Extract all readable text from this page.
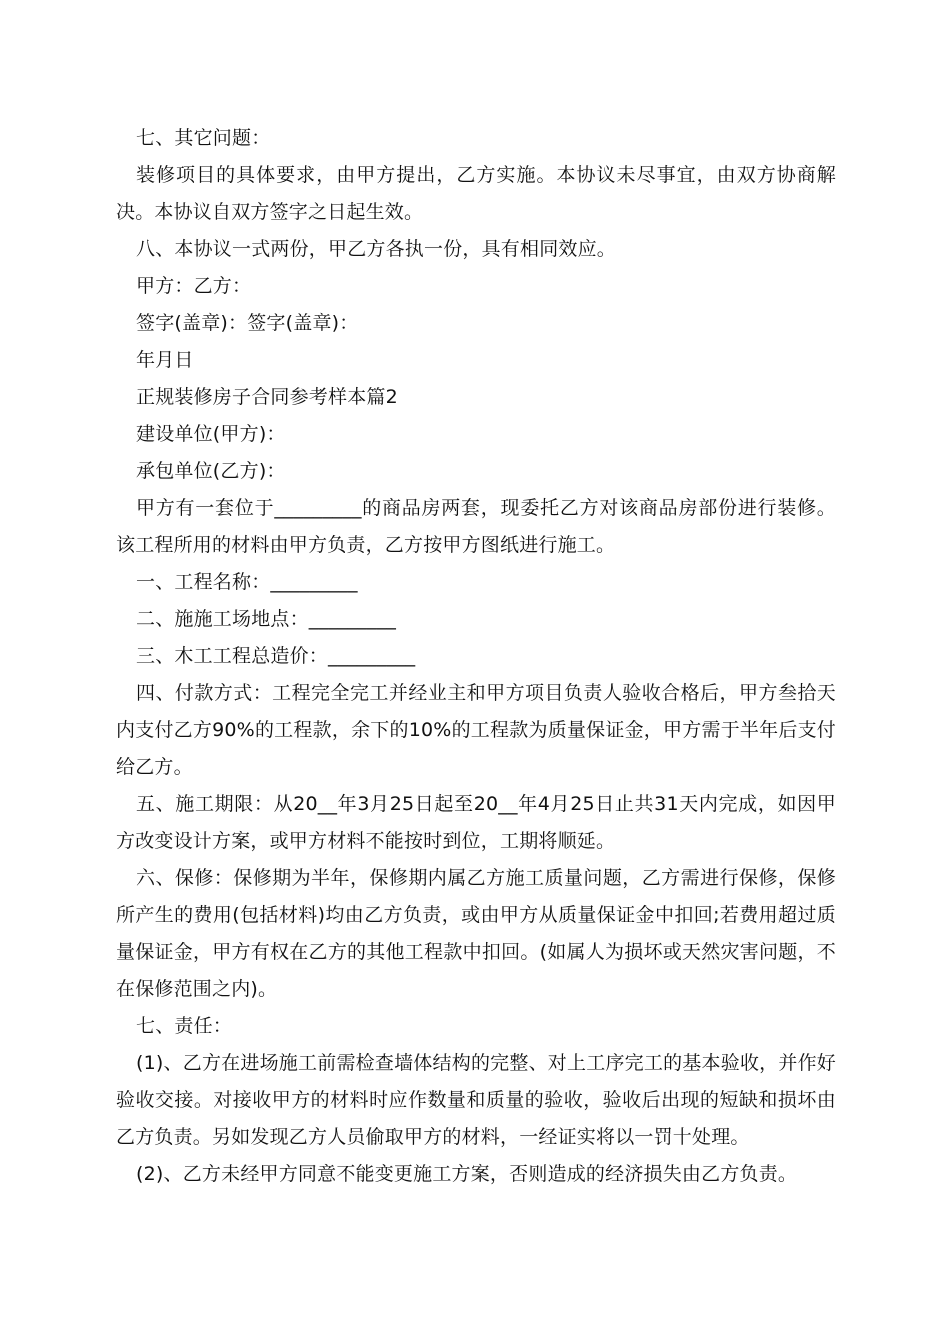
七、其它问题：

装修项目的具体要求，由甲方提出，乙方实施。本协议未尽事宜，由双方协商解决。本协议自双方签字之日起生效。

八、本协议一式两份，甲乙方各执一份，具有相同效应。

甲方：乙方：

签字(盖章)：签字(盖章)：

年月日

正规装修房子合同参考样本篇2

建设单位(甲方)：

承包单位(乙方)：

甲方有一套位于_________的商品房两套，现委托乙方对该商品房部份进行装修。该工程所用的材料由甲方负责，乙方按甲方图纸进行施工。

一、工程名称：_________

二、施施工场地点：_________

三、木工工程总造价：_________

四、付款方式：工程完全完工并经业主和甲方项目负责人验收合格后，甲方叁拾天内支付乙方90%的工程款，余下的10%的工程款为质量保证金，甲方需于半年后支付给乙方。

五、施工期限：从20__年3月25日起至20__年4月25日止共31天内完成，如因甲方改变设计方案，或甲方材料不能按时到位，工期将顺延。

六、保修：保修期为半年，保修期内属乙方施工质量问题，乙方需进行保修，保修所产生的费用(包括材料)均由乙方负责，或由甲方从质量保证金中扣回;若费用超过质量保证金，甲方有权在乙方的其他工程款中扣回。(如属人为损坏或天然灾害问题，不在保修范围之内)。

七、责任：

(1)、乙方在进场施工前需检查墙体结构的完整、对上工序完工的基本验收，并作好验收交接。对接收甲方的材料时应作数量和质量的验收，验收后出现的短缺和损坏由乙方负责。另如发现乙方人员偷取甲方的材料，一经证实将以一罚十处理。

(2)、乙方未经甲方同意不能变更施工方案，否则造成的经济损失由乙方负责。
